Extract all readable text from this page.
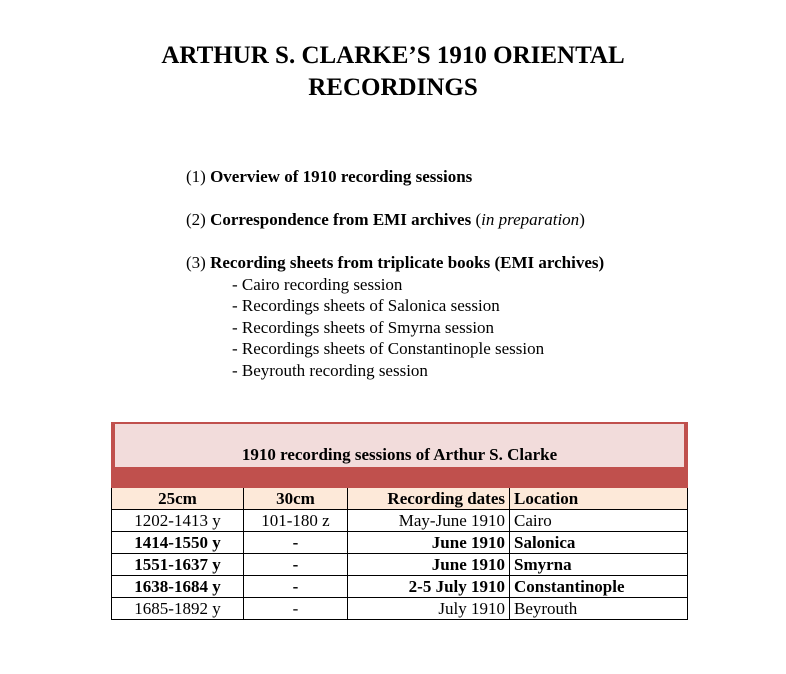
ARTHUR S. CLARKE’S 1910 ORIENTAL
RECORDINGS

(1) Overview of 1910 recording sessions

(2) Correspondence from EMI archives (in preparation)

(3) Recording sheets from triplicate books (EMI archives)

- Cairo recording session
- Recordings sheets of Salonica session
- Recordings sheets of Smyrna session
- Recordings sheets of Constantinople session
- Beyrouth recording session
1910 recording sessions of Arthur S. Clarke
25cm	30cm	Recording dates	Location
1202-1413 y	101-180 z	May-June 1910	Cairo
1414-1550 y	-	June 1910	Salonica
1551-1637 y	-	June 1910	Smyrna
1638-1684 y	-	2-5 July 1910	Constantinople
1685-1892 y	-	July 1910	Beyrouth
